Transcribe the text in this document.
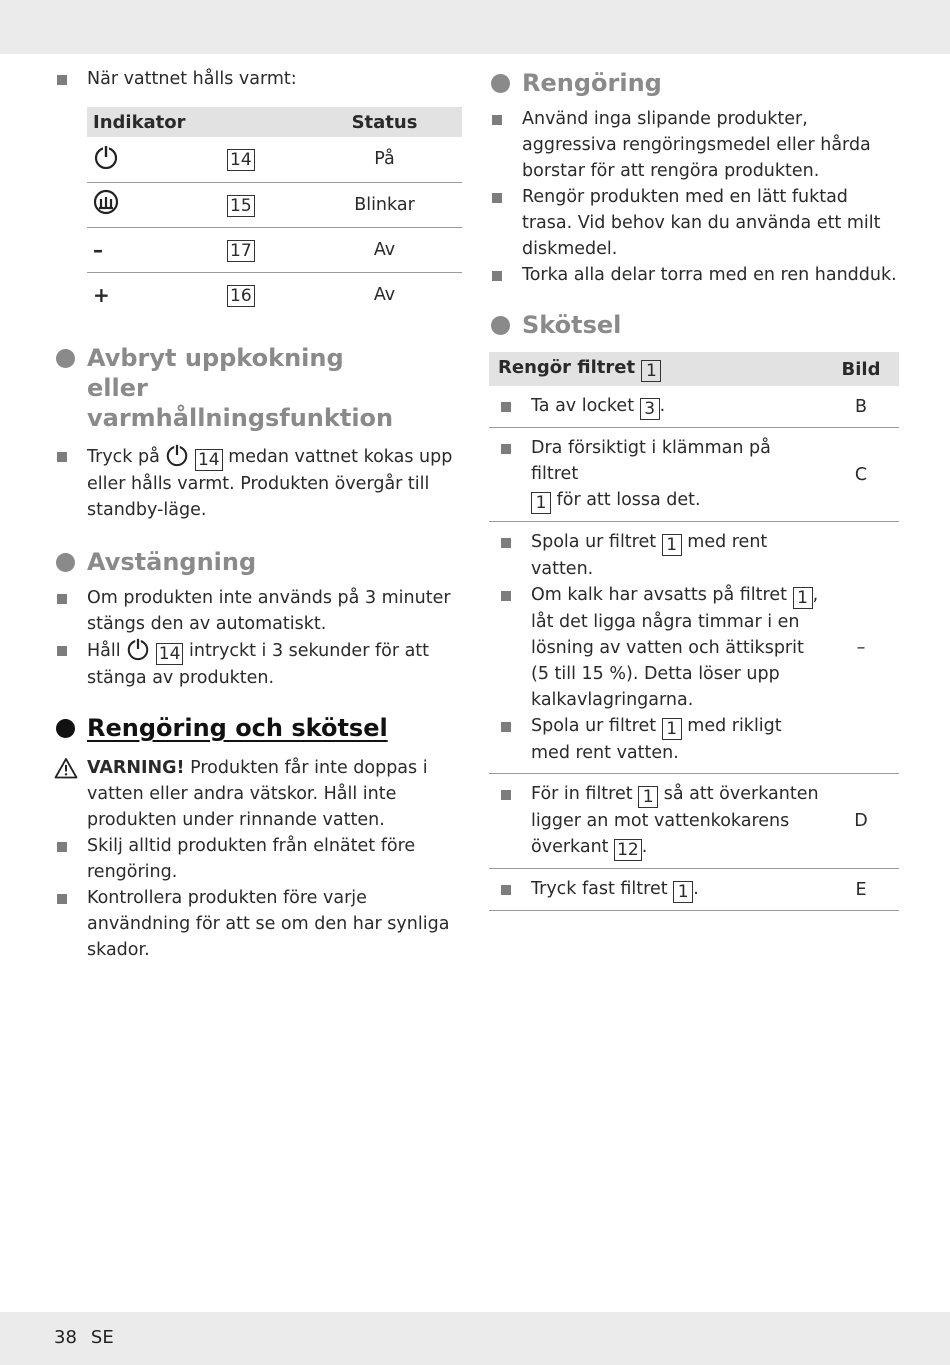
När vattnet hålls varmt:
Indikator		Status
	14	På
	15	Blinkar
–	17	Av
+	16	Av
Avbryt uppkokning eller varmhållningsfunktion
Tryck på 14 medan vattnet kokas upp eller hålls varmt. Produkten övergår till standby-läge.
Avstängning
Om produkten inte används på 3 minuter stängs den av automatiskt.
Håll 14 intryckt i 3 sekunder för att stänga av produkten.
Rengöring och skötsel
VARNING! Produkten får inte doppas i vatten eller andra vätskor. Håll inte produkten under rinnande vatten.
Skilj alltid produkten från elnätet före rengöring.
Kontrollera produkten före varje användning för att se om den har synliga skador.
Rengöring
Använd inga slipande produkter, aggressiva rengöringsmedel eller hårda borstar för att rengöra produkten.
Rengör produkten med en lätt fuktad trasa. Vid behov kan du använda ett milt diskmedel.
Torka alla delar torra med en ren handduk.
Skötsel
Rengör filtret 1	Bild

Ta av locket 3 .	B

Dra försiktigt i klämman på filtret
1 för att lossa det.	C

Spola ur filtret 1 med rent vatten.
Om kalk har avsatts på filtret 1 , låt det ligga några timmar i en lösning av vatten och ättiksprit (5 till 15 %). Detta löser upp kalkavlagringarna.
Spola ur filtret 1 med rikligt med rent vatten.	–

För in filtret 1 så att överkanten ligger an mot vattenkokarens överkant 12 .	D

Tryck fast filtret 1 .	E
38 SE
